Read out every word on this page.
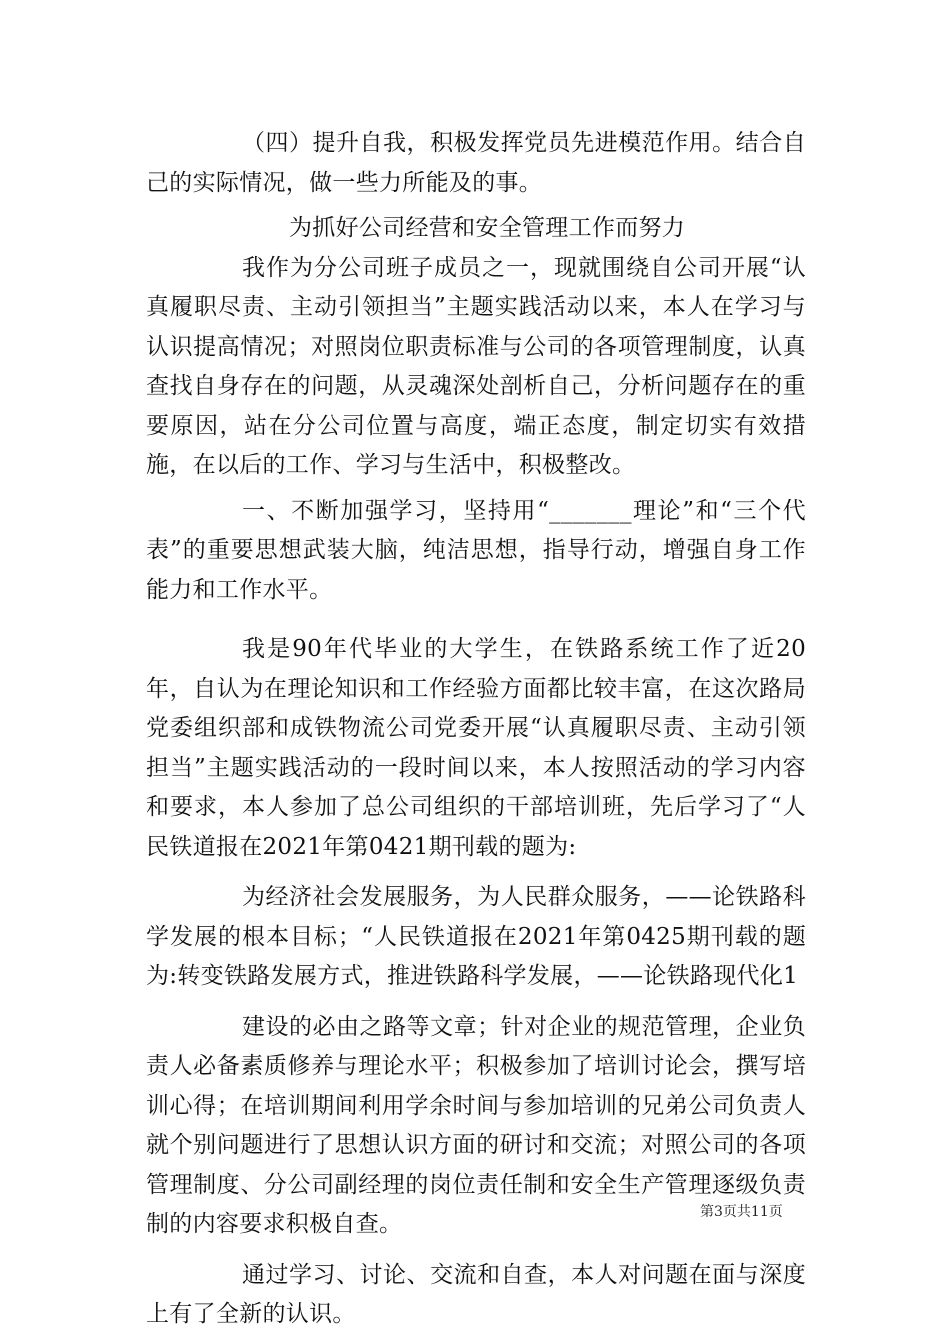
（四）提升自我，积极发挥党员先进模范作用。结合自己的实际情况，做一些力所能及的事。

为抓好公司经营和安全管理工作而努力

我作为分公司班子成员之一，现就围绕自公司开展“认真履职尽责、主动引领担当”主题实践活动以来，本人在学习与认识提高情况；对照岗位职责标准与公司的各项管理制度，认真查找自身存在的问题，从灵魂深处剖析自己，分析问题存在的重要原因，站在分公司位置与高度，端正态度，制定切实有效措施，在以后的工作、学习与生活中，积极整改。

一、不断加强学习，坚持用“_______理论”和“三个代表”的重要思想武装大脑，纯洁思想，指导行动，增强自身工作能力和工作水平。

我是90年代毕业的大学生，在铁路系统工作了近20年，自认为在理论知识和工作经验方面都比较丰富，在这次路局党委组织部和成铁物流公司党委开展“认真履职尽责、主动引领担当”主题实践活动的一段时间以来，本人按照活动的学习内容和要求，本人参加了总公司组织的干部培训班，先后学习了“人民铁道报在2021年第0421期刊载的题为:

为经济社会发展服务，为人民群众服务，——论铁路科学发展的根本目标；“人民铁道报在2021年第0425期刊载的题为:转变铁路发展方式，推进铁路科学发展，——论铁路现代化1

建设的必由之路等文章；针对企业的规范管理，企业负责人必备素质修养与理论水平；积极参加了培训讨论会，撰写培训心得；在培训期间利用学余时间与参加培训的兄弟公司负责人就个别问题进行了思想认识方面的研讨和交流；对照公司的各项管理制度、分公司副经理的岗位责任制和安全生产管理逐级负责制的内容要求积极自查。

通过学习、讨论、交流和自查，本人对问题在面与深度上有了全新的认识。

第3页共11页
